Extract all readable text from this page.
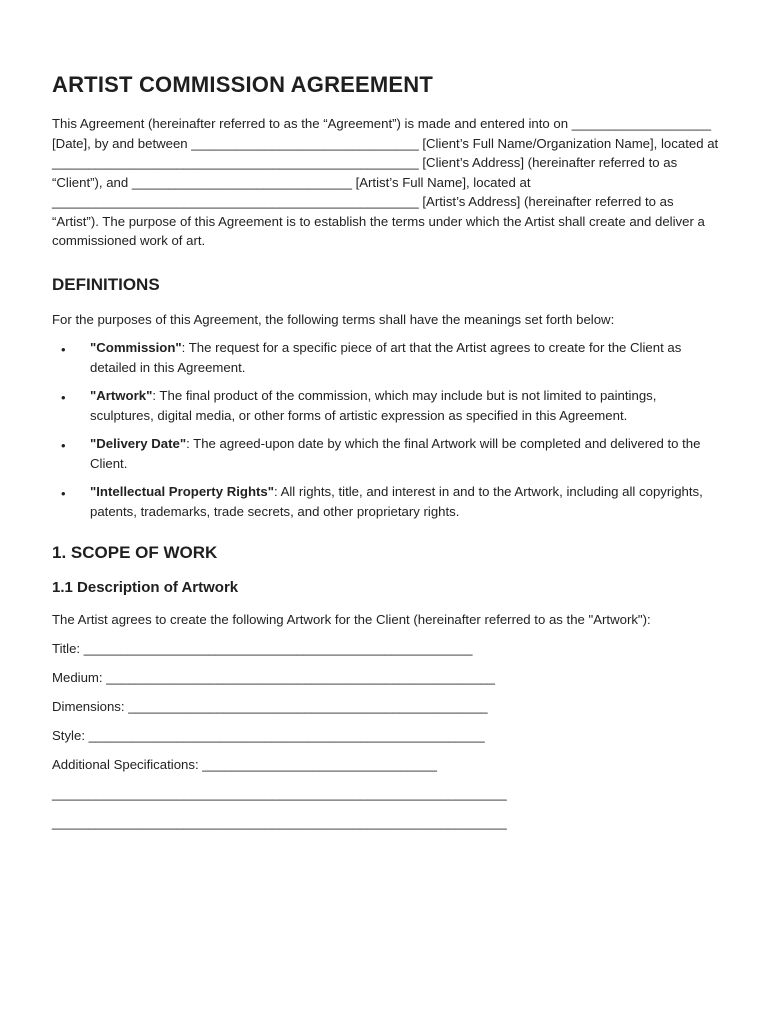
ARTIST COMMISSION AGREEMENT

This Agreement (hereinafter referred to as the “Agreement”) is made and entered into on ___________________ [Date], by and between _______________________________ [Client’s Full Name/Organization Name], located at __________________________________________________ [Client’s Address] (hereinafter referred to as “Client”), and ______________________________ [Artist’s Full Name], located at __________________________________________________ [Artist’s Address] (hereinafter referred to as “Artist”). The purpose of this Agreement is to establish the terms under which the Artist shall create and deliver a commissioned work of art.

DEFINITIONS

For the purposes of this Agreement, the following terms shall have the meanings set forth below:

• "Commission": The request for a specific piece of art that the Artist agrees to create for the Client as detailed in this Agreement.
• "Artwork": The final product of the commission, which may include but is not limited to paintings, sculptures, digital media, or other forms of artistic expression as specified in this Agreement.
• "Delivery Date": The agreed-upon date by which the final Artwork will be completed and delivered to the Client.
• "Intellectual Property Rights": All rights, title, and interest in and to the Artwork, including all copyrights, patents, trademarks, trade secrets, and other proprietary rights.
1. SCOPE OF WORK
1.1 Description of Artwork

The Artist agrees to create the following Artwork for the Client (hereinafter referred to as the "Artwork"):

Title: _____________________________________________________
Medium: _____________________________________________________
Dimensions: _________________________________________________
Style: ______________________________________________________
Additional Specifications: ________________________________
______________________________________________________________
______________________________________________________________
